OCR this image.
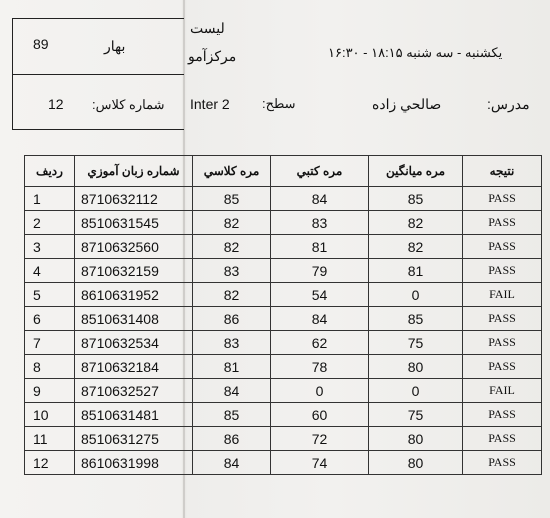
ليست
مركزآمو
89	بهار	يكشنبه - سه شنبه ۱۸:۱۵ - ۱۶:۳۰
12 شماره كلاس: Inter 2 سطح:	صالحي زاده	مدرس:
رديف	شماره زبان آموزي	مره كلاسي	مره كتبي	مره ميانگين	نتيجه
1	8710632112	85	84	85	PASS
2	8510631545	82	83	82	PASS
3	8710632560	82	81	82	PASS
4	8710632159	83	79	81	PASS
5	8610631952	82	54	0	FAIL
6	8510631408	86	84	85	PASS
7	8710632534	83	62	75	PASS
8	8710632184	81	78	80	PASS
9	8710632527	84	0	0	FAIL
10	8510631481	85	60	75	PASS
11	8510631275	86	72	80	PASS
12	8610631998	84	74	80	PASS
